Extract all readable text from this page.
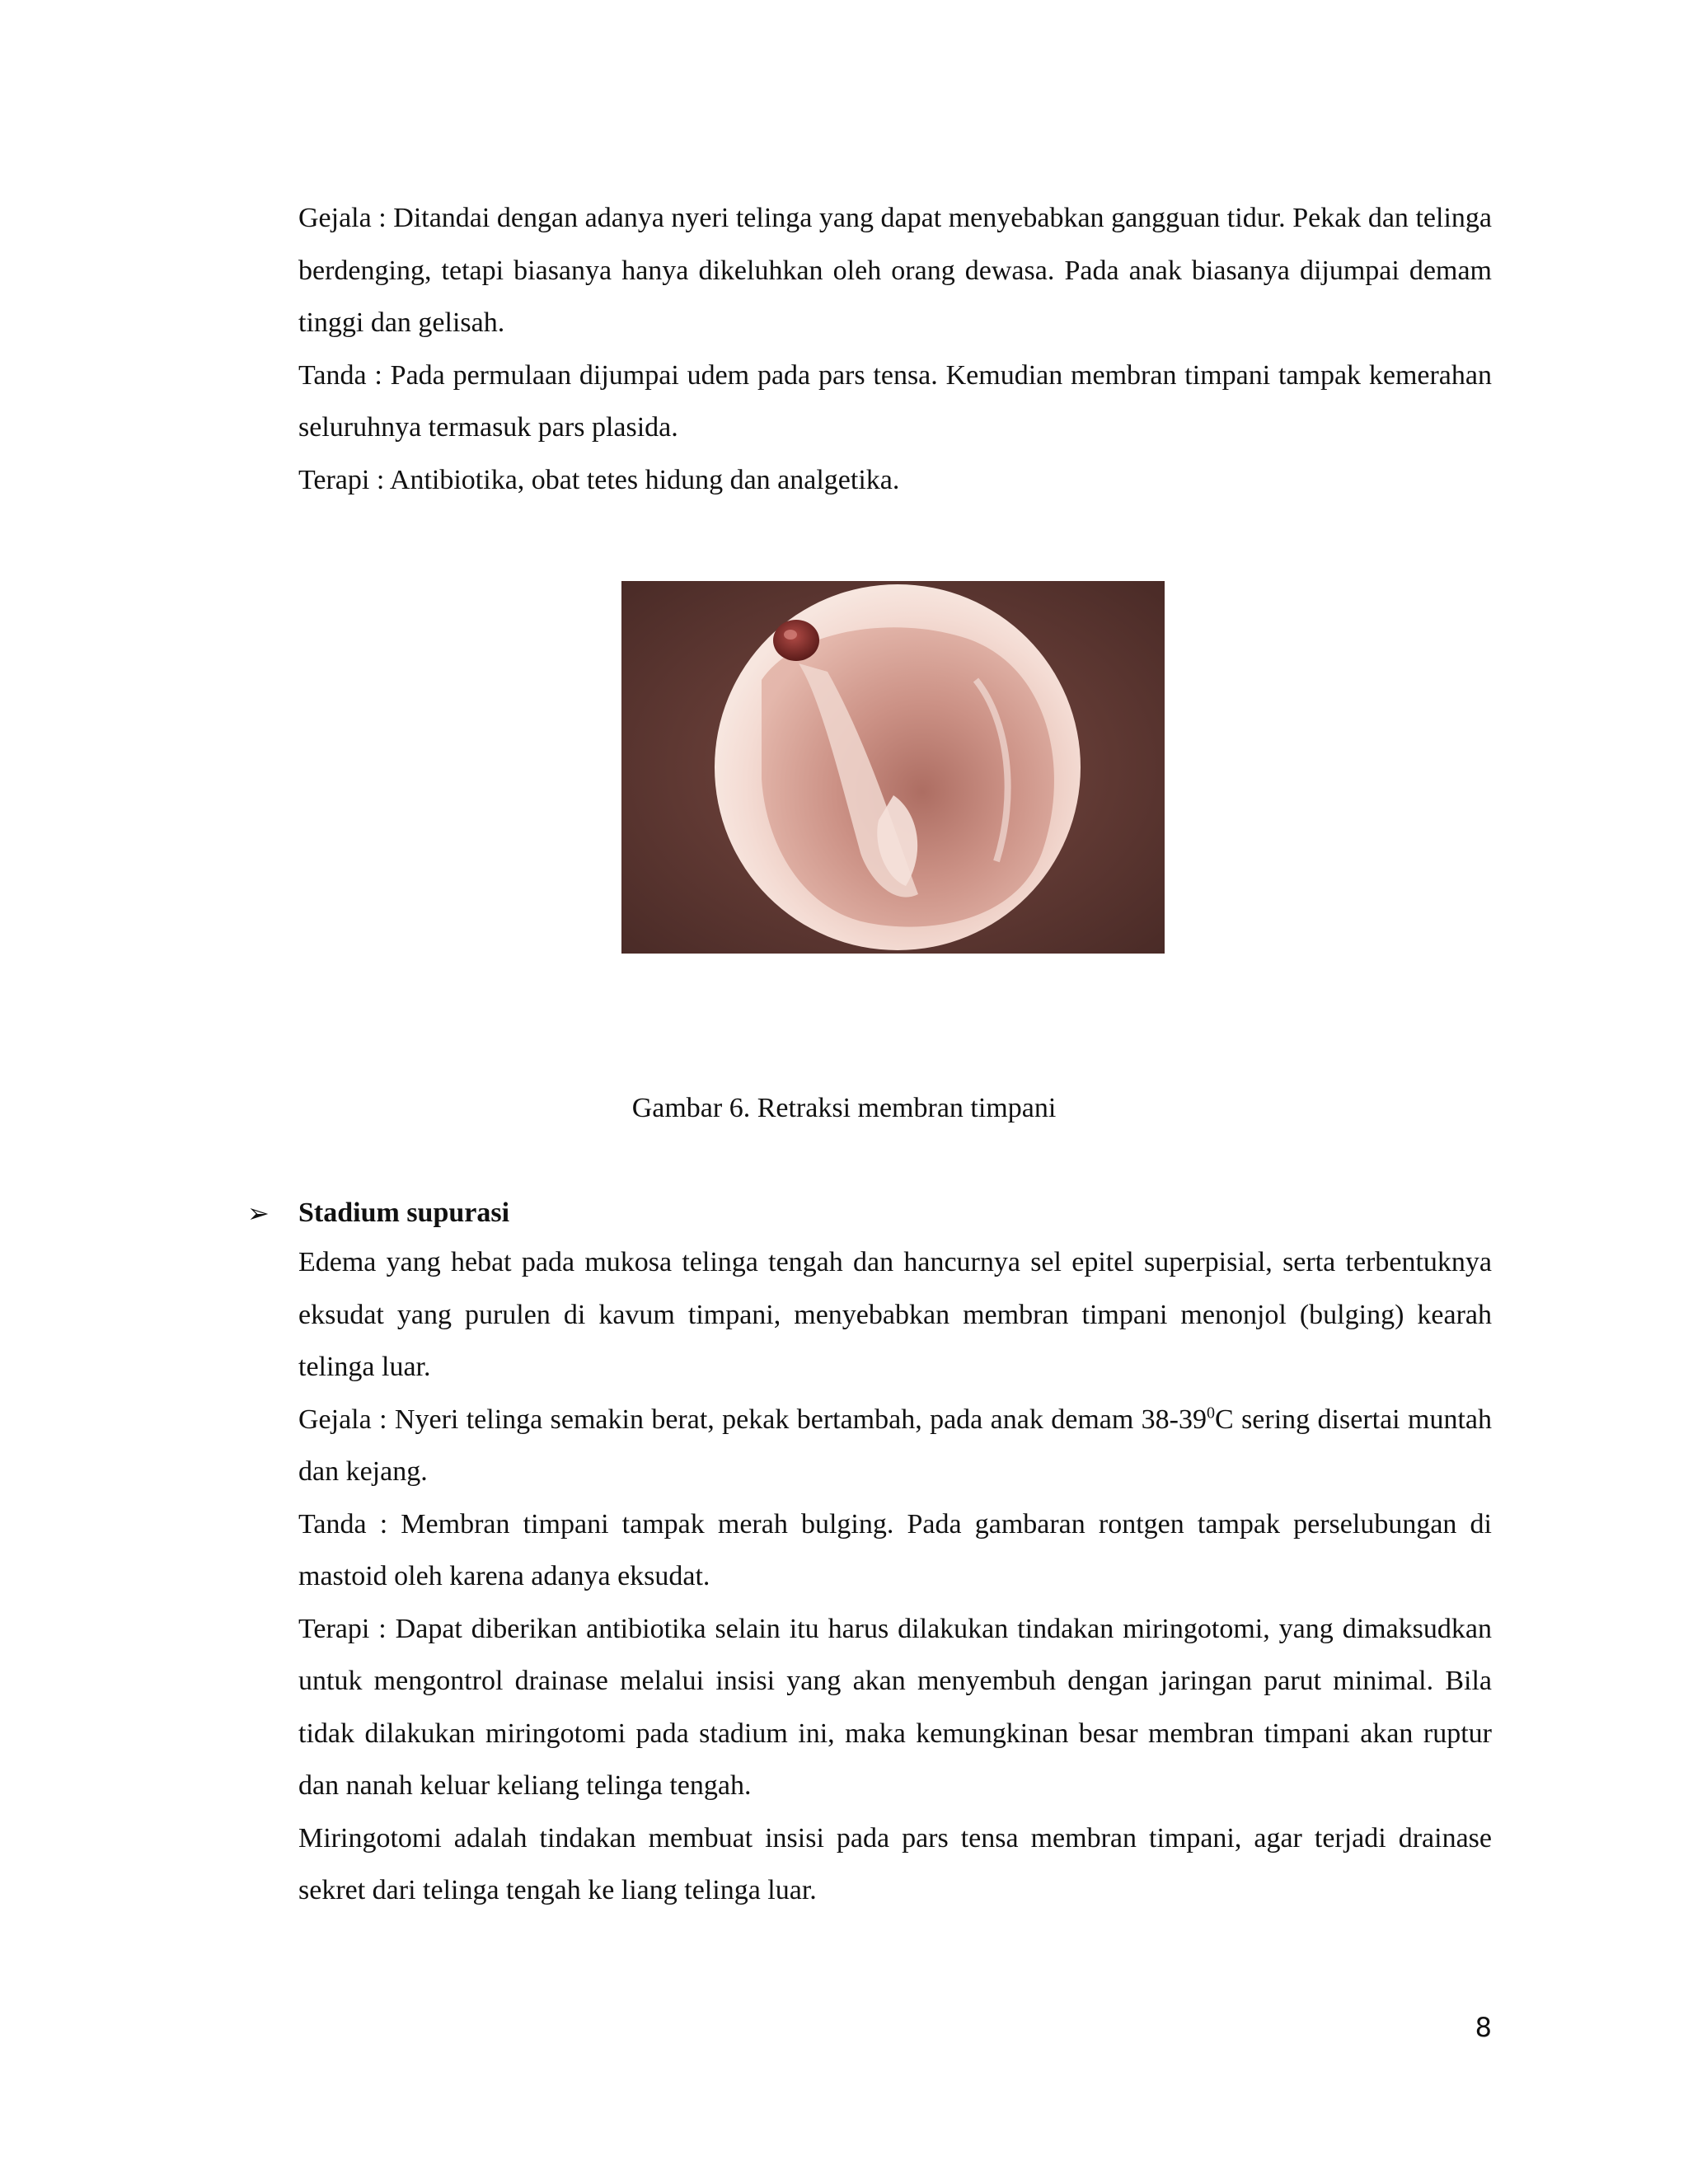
Gejala : Ditandai dengan adanya nyeri telinga yang dapat menyebabkan gangguan tidur. Pekak dan telinga berdenging, tetapi biasanya hanya dikeluhkan oleh orang dewasa. Pada anak biasanya dijumpai demam tinggi dan gelisah.

Tanda : Pada permulaan dijumpai udem pada pars tensa. Kemudian membran timpani tampak kemerahan seluruhnya termasuk pars plasida.

Terapi : Antibiotika, obat tetes hidung dan analgetika.

Gambar 6. Retraksi membran timpani
➢	Stadium supurasi

Edema yang hebat pada mukosa telinga tengah dan hancurnya sel epitel superpisial, serta terbentuknya eksudat yang purulen di kavum timpani, menyebabkan membran timpani menonjol (bulging) kearah telinga luar.

Gejala : Nyeri telinga semakin berat, pekak bertambah, pada anak demam $38-39^0C$ sering disertai muntah dan kejang.

Tanda : Membran timpani tampak merah bulging. Pada gambaran rontgen tampak perselubungan di mastoid oleh karena adanya eksudat.

Terapi : Dapat diberikan antibiotika selain itu harus dilakukan tindakan miringotomi, yang dimaksudkan untuk mengontrol drainase melalui insisi yang akan menyembuh dengan jaringan parut minimal. Bila tidak dilakukan miringotomi pada stadium ini, maka kemungkinan besar membran timpani akan ruptur dan nanah keluar keliang telinga tengah.

Miringotomi adalah tindakan membuat insisi pada pars tensa membran timpani, agar terjadi drainase sekret dari telinga tengah ke liang telinga luar.

8
